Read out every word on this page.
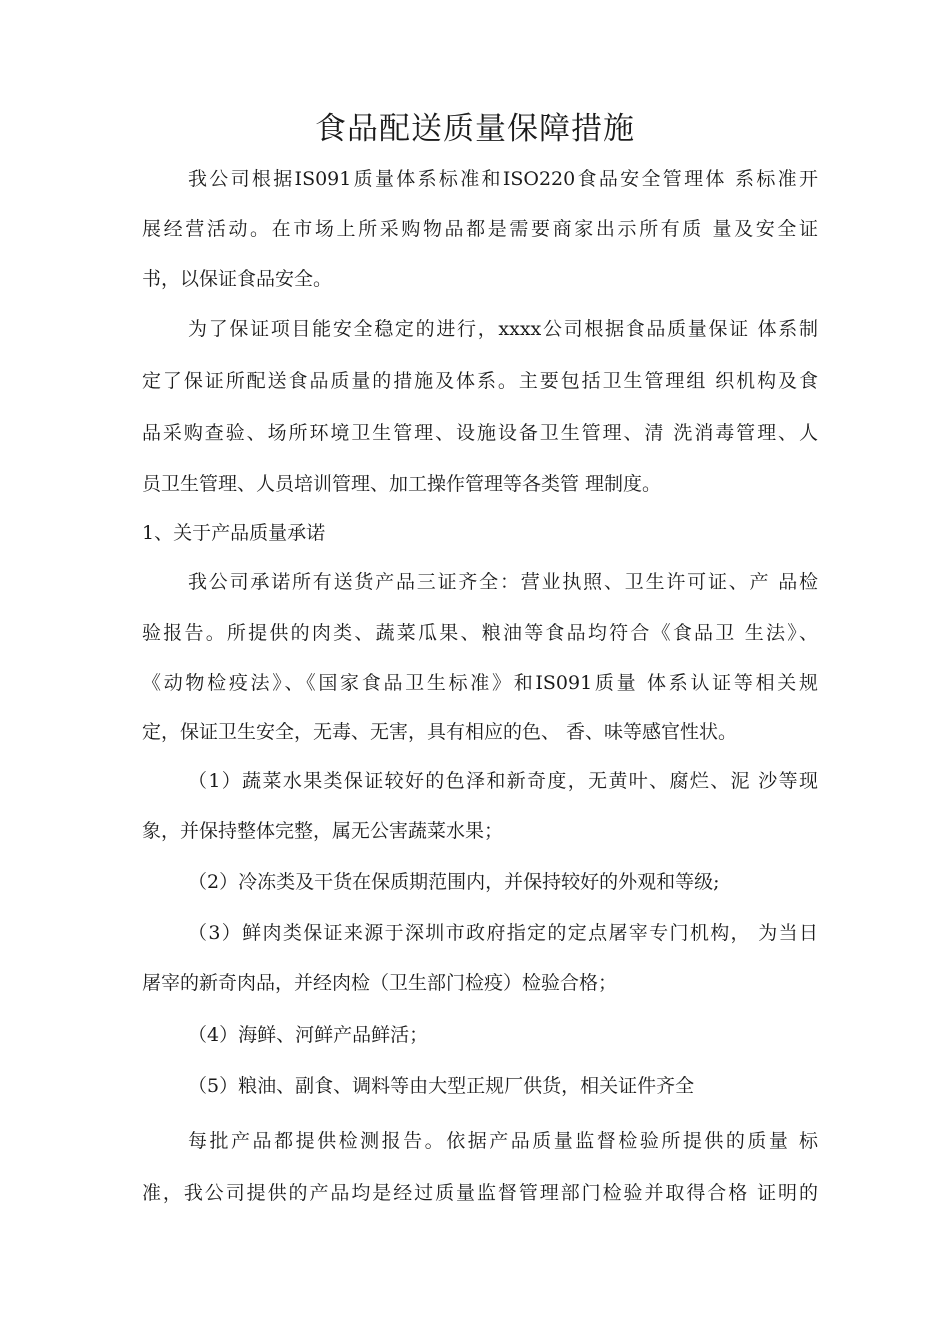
食品配送质量保障措施

我公司根据IS091质量体系标准和ISO220食品安全管理体 系标准开

展经营活动。在市场上所采购物品都是需要商家出示所有质 量及安全证

书，以保证食品安全。

为了保证项目能安全稳定的进行，xxxx公司根据食品质量保证 体系制

定了保证所配送食品质量的措施及体系。主要包括卫生管理组 织机构及食

品采购查验、场所环境卫生管理、设施设备卫生管理、清 洗消毒管理、人

员卫生管理、人员培训管理、加工操作管理等各类管 理制度。

1、关于产品质量承诺

我公司承诺所有送货产品三证齐全：营业执照、卫生许可证、产 品检

验报告。所提供的肉类、蔬菜瓜果、粮油等食品均符合《食品卫 生法》、

《动物检疫法》、《国家食品卫生标准》和IS091质量 体系认证等相关规

定，保证卫生安全，无毒、无害，具有相应的色、 香、味等感官性状。

（1）蔬菜水果类保证较好的色泽和新奇度，无黄叶、腐烂、泥 沙等现

象，并保持整体完整，属无公害蔬菜水果；

（2）冷冻类及干货在保质期范围内，并保持较好的外观和等级;

（3）鲜肉类保证来源于深圳市政府指定的定点屠宰专门机构， 为当日

屠宰的新奇肉品，并经肉检（卫生部门检疫）检验合格；

（4）海鲜、河鲜产品鲜活；

（5）粮油、副食、调料等由大型正规厂供货，相关证件齐全

每批产品都提供检测报告。依据产品质量监督检验所提供的质量 标

准，我公司提供的产品均是经过质量监督管理部门检验并取得合格 证明的
